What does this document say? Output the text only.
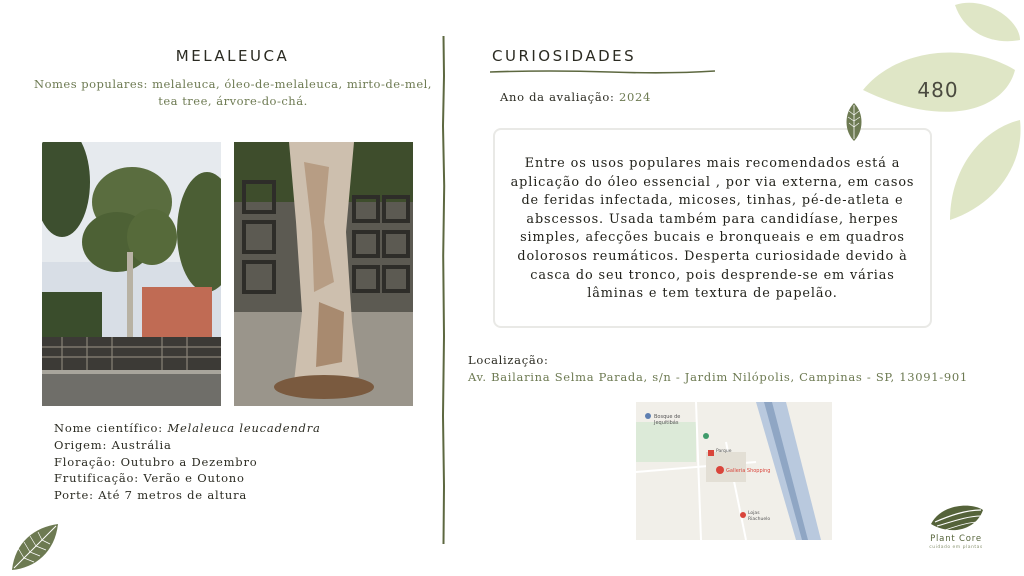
MELALEUCA
Nomes populares: melaleuca, óleo-de-melaleuca, mirto-de-mel, tea tree, árvore-do-chá.
Nome científico: Melaleuca leucadendra
Origem: Austrália
Floração: Outubro a Dezembro
Frutificação: Verão e Outono
Porte: Até 7 metros de altura
CURIOSIDADES
Ano da avaliação: 2024
Entre os usos populares mais recomendados está a aplicação do óleo essencial , por via externa, em casos de feridas infectada, micoses, tinhas, pé-de-atleta e abscessos. Usada também para candidíase, herpes simples, afecções bucais e bronqueais e em quadros dolorosos reumáticos. Desperta curiosidade devido à casca do seu tronco, pois desprende-se em várias lâminas e tem textura de papelão.
Localização:
Av. Bailarina Selma Parada, s/n - Jardim Nilópolis, Campinas - SP, 13091-901
Bosque de
Jequitibás
Parque
Galleria Shopping
Lojas
Riachuelo
480
Plant Core
cuidado em plantas
